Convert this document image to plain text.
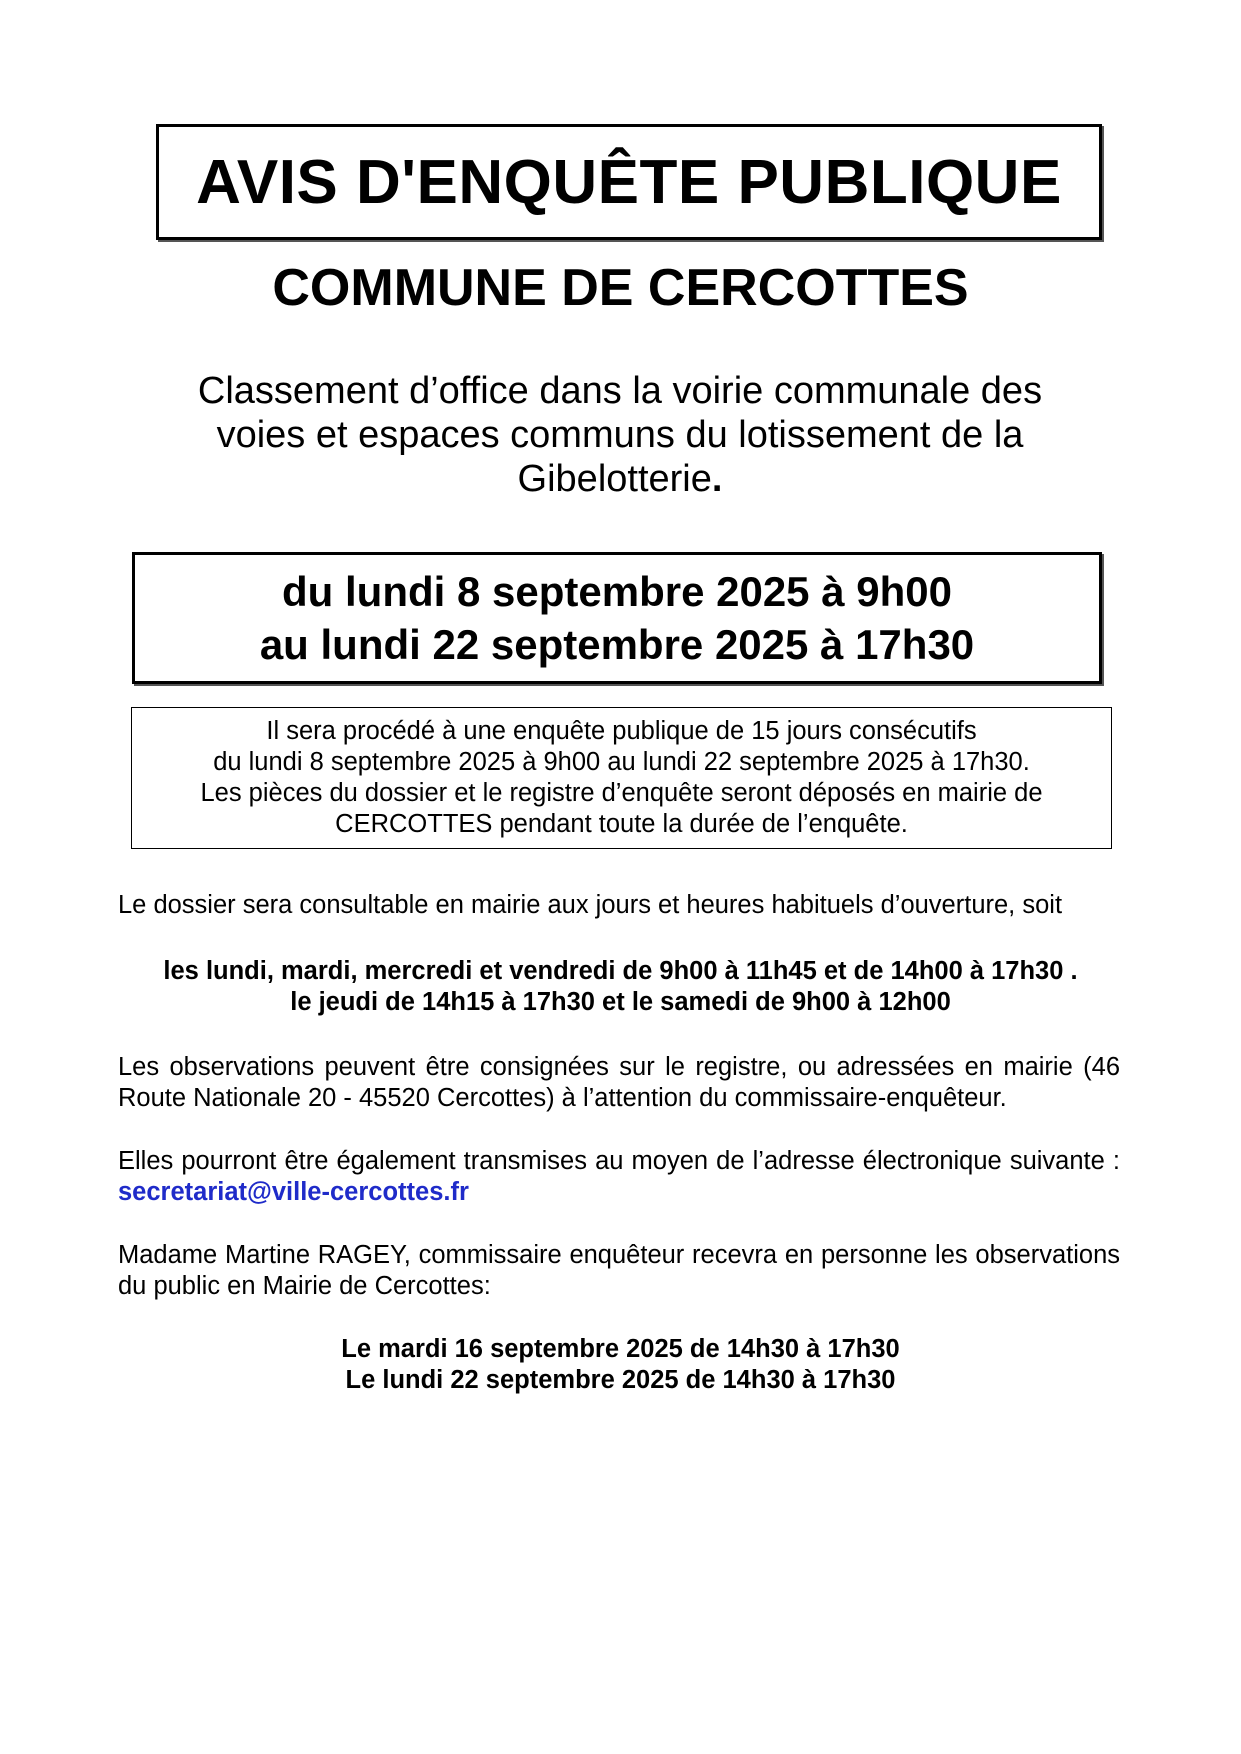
AVIS D'ENQUÊTE PUBLIQUE
COMMUNE DE CERCOTTES
Classement d’office dans la voirie communale des
voies et espaces communs du lotissement de la
Gibelotterie.
du lundi 8 septembre 2025 à 9h00
au lundi 22 septembre 2025 à 17h30
Il sera procédé à une enquête publique de 15 jours consécutifs
du lundi 8 septembre 2025 à 9h00 au lundi 22 septembre 2025 à 17h30.
Les pièces du dossier et le registre d’enquête seront déposés en mairie de
CERCOTTES pendant toute la durée de l’enquête.
Le dossier sera consultable en mairie aux jours et heures habituels d’ouverture, soit
les lundi, mardi, mercredi et vendredi de 9h00 à 11h45 et de 14h00 à 17h30 .
le jeudi de 14h15 à 17h30 et le samedi de 9h00 à 12h00
Les observations peuvent être consignées sur le registre, ou adressées en mairie (46 Route Nationale 20 - 45520 Cercottes) à l’attention du commissaire-enquêteur.
Elles pourront être également transmises au moyen de l’adresse électronique suivante : secretariat@ville-cercottes.fr
Madame Martine RAGEY, commissaire enquêteur recevra en personne les observations du public en Mairie de Cercottes:
Le mardi 16 septembre 2025 de 14h30 à 17h30
Le lundi 22 septembre 2025 de 14h30 à 17h30
